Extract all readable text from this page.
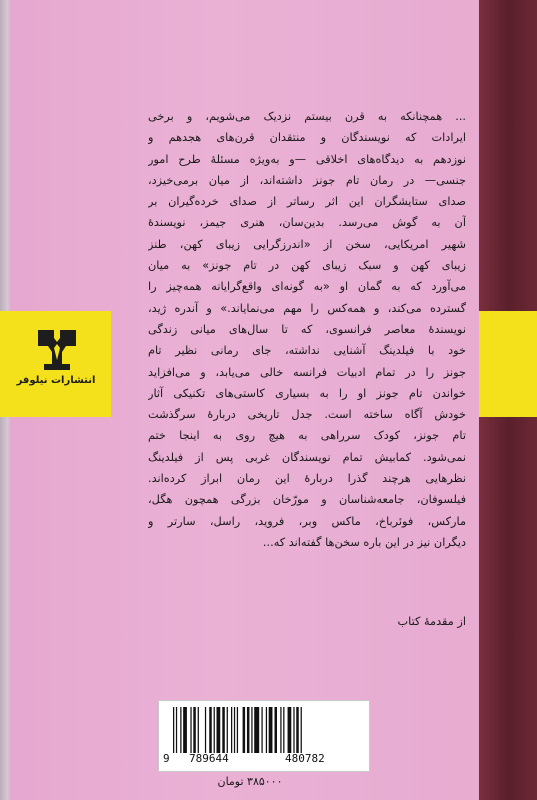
انتشارات نیلوفر
... همچنانکه به قرن بیستم نزدیک می‌شویم، و برخی
ایرادات که نویسندگان و منتقدان قرن‌های هجدهم و
نوزدهم به دیدگاه‌های اخلاقی —و به‌ویژه مسئلهٔ طرح امور
جنسی— در رمان تام جونز داشته‌اند، از میان برمی‌خیزد،
صدای ستایشگران این اثر رساتر از صدای خرده‌گیران بر
آن به گوش می‌رسد. بدین‌سان، هنری جیمز، نویسندهٔ
شهیر امریکایی، سخن از «اندرزگرایی زیبای کهن، طنز
زیبای کهن و سبک زیبای کهن در تام جونز» به میان
می‌آورد که به گمان او «به گونه‌ای واقع‌گرایانه همه‌چیز را
گسترده می‌کند، و همه‌کس را مهم می‌نمایاند.» و آندره ژید،
نویسندهٔ معاصر فرانسوی، که تا سال‌های میانی زندگی
خود با فیلدینگ آشنایی نداشته، جای رمانی نظیر تام
جونز را در تمام ادبیات فرانسه خالی می‌یابد، و می‌افزاید
خواندن تام جونز او را به بسیاری کاستی‌های تکنیکی آثار
خودش آگاه ساخته است. جدل تاریخی دربارهٔ سرگذشت
تام جونز، کودک سرراهی به هیچ روی به اینجا ختم
نمی‌شود. کمابیش تمام نویسندگان غربی پس از فیلدینگ
نظرهایی هرچند گذرا دربارهٔ این رمان ابراز کرده‌اند.
فیلسوفان، جامعه‌شناسان و مورّخان بزرگی همچون هگل،
مارکس، فوئرباخ، ماکس وبر، فروید، راسل، سارتر و
دیگران نیز در این باره سخن‌ها گفته‌اند که...
از مقدمهٔ کتاب
9 789644	480782
۳۸۵۰۰۰ تومان
